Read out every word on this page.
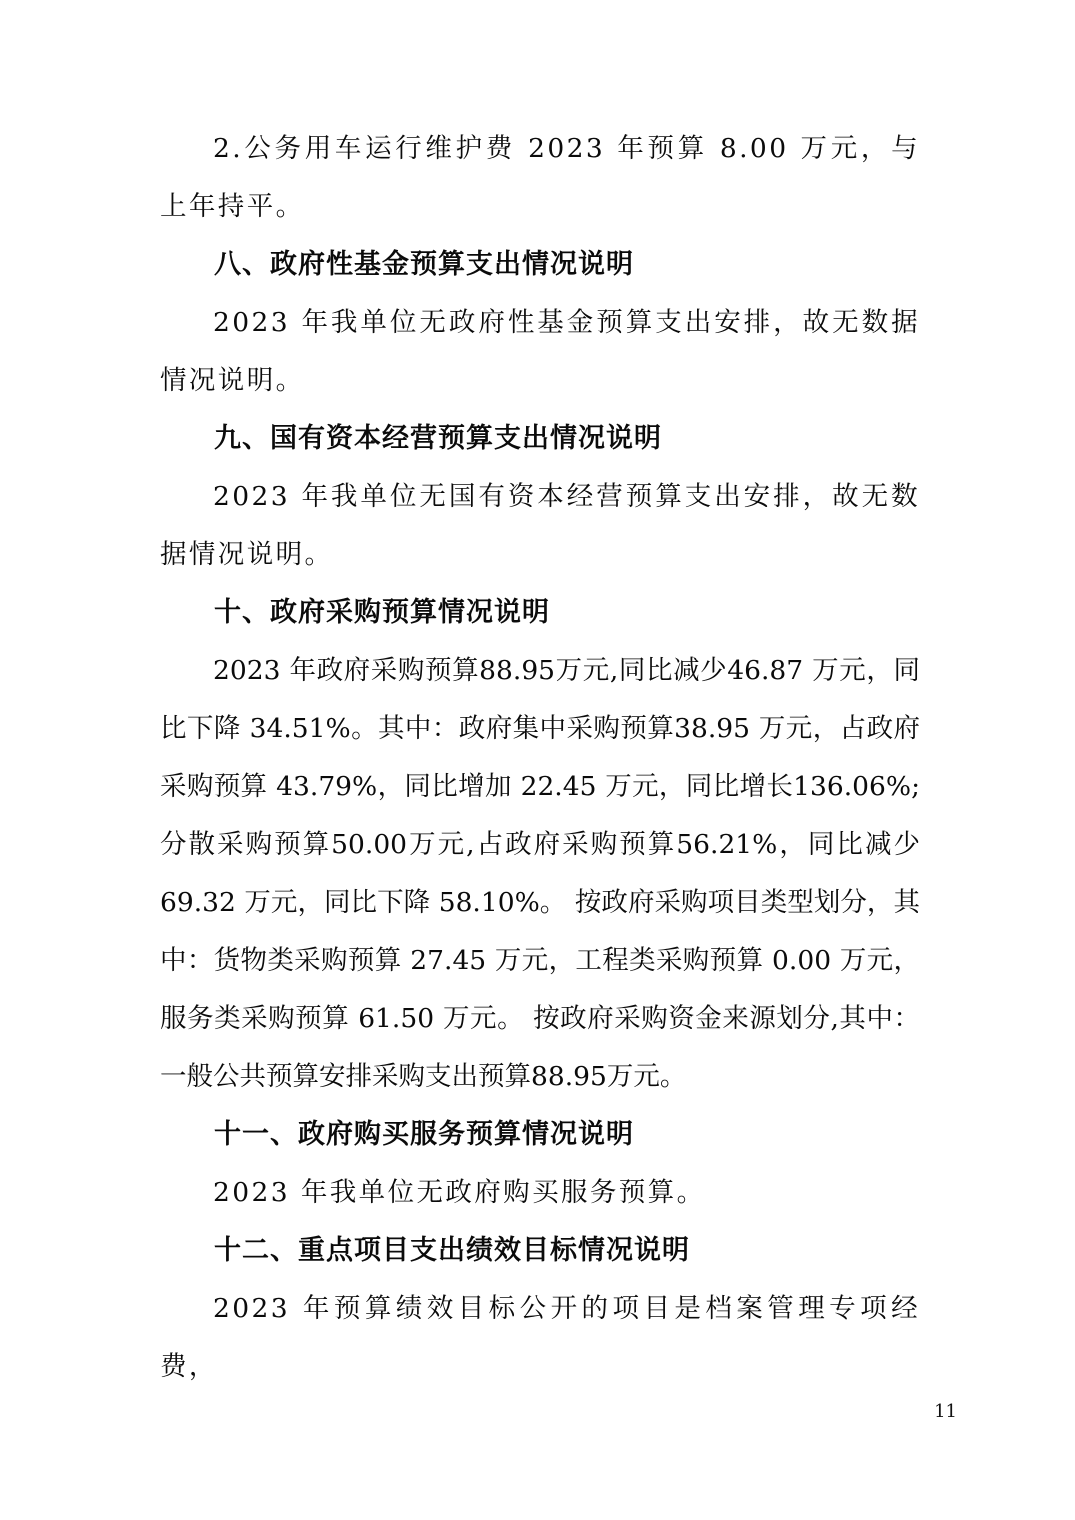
2.公务用车运行维护费 2023 年预算 8.00 万元，与上年持平。

八、政府性基金预算支出情况说明

2023 年我单位无政府性基金预算支出安排，故无数据情况说明。

九、国有资本经营预算支出情况说明

2023 年我单位无国有资本经营预算支出安排，故无数据情况说明。

十、政府采购预算情况说明

2023 年政府采购预算88.95万元,同比减少46.87 万元，同比下降 34.51%。其中：政府集中采购预算38.95 万元，占政府采购预算 43.79%，同比增加 22.45 万元，同比增长136.06%;分散采购预算50.00万元,占政府采购预算56.21%，同比减少 69.32 万元，同比下降 58.10%。 按政府采购项目类型划分，其中：货物类采购预算 27.45 万元，工程类采购预算 0.00 万元，服务类采购预算 61.50 万元。 按政府采购资金来源划分,其中：一般公共预算安排采购支出预算88.95万元。

十一、政府购买服务预算情况说明

2023 年我单位无政府购买服务预算。

十二、重点项目支出绩效目标情况说明

2023 年预算绩效目标公开的项目是档案管理专项经费，

11
